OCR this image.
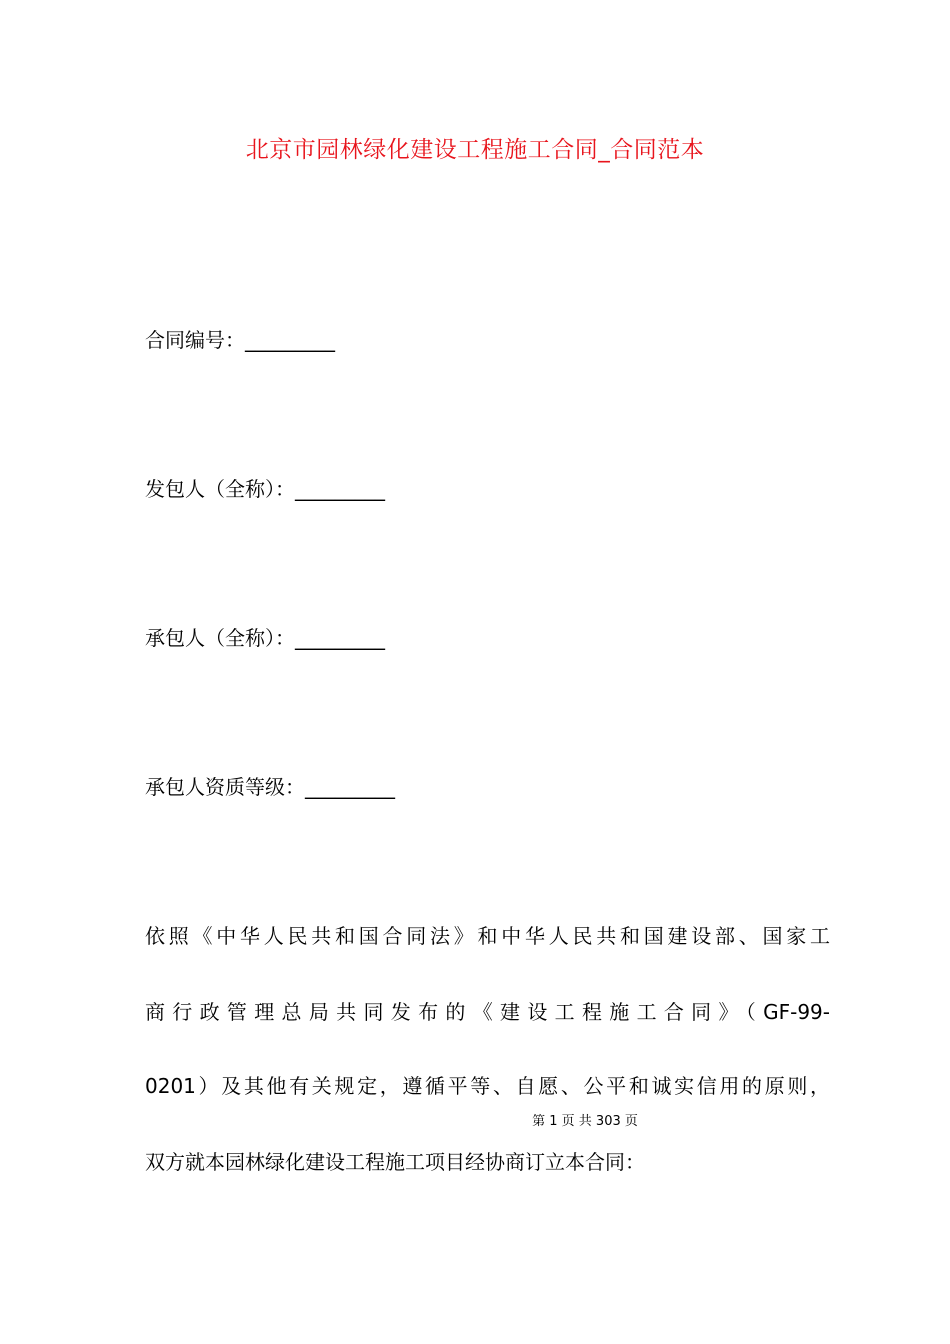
北京市园林绿化建设工程施工合同_合同范本
合同编号：_________
发包人（全称）：_________
承包人（全称）：_________
承包人资质等级：_________
依照《中华人民共和国合同法》和中华人民共和国建设部、国家工
商行政管理总局共同发布的《建设工程施工合同》（GF-99-
0201）及其他有关规定，遵循平等、自愿、公平和诚实信用的原则，
第 1 页 共 303 页
双方就本园林绿化建设工程施工项目经协商订立本合同：
